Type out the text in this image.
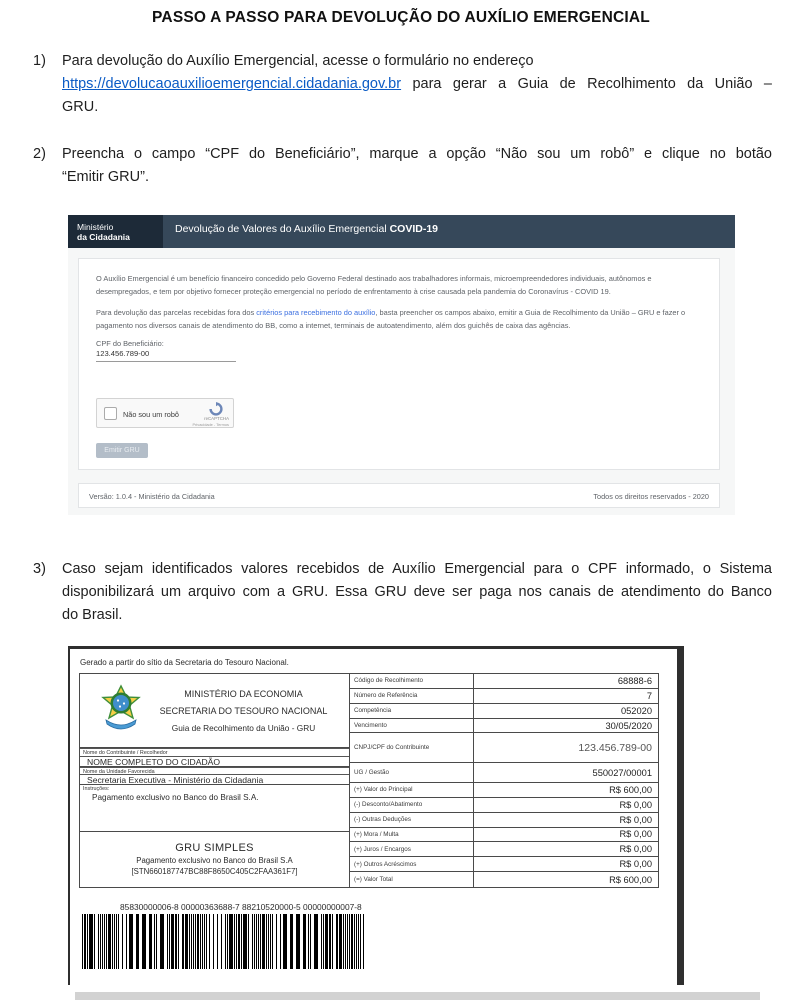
PASSO A PASSO PARA DEVOLUÇÃO DO AUXÍLIO EMERGENCIAL
1)	Para devolução do Auxílio Emergencial, acesse o formulário no endereço
https://devolucaoauxilioemergencial.cidadania.gov.br para gerar a Guia de Recolhimento da União –
GRU.
2)	Preencha o campo “CPF do Beneficiário”, marque a opção “Não sou um robô” e clique no botão
“Emitir GRU”.
Ministério
da Cidadania
Devolução de Valores do Auxílio Emergencial COVID-19
O Auxílio Emergencial é um benefício financeiro concedido pelo Governo Federal destinado aos trabalhadores informais, microempreendedores individuais, autônomos e desempregados, e tem por objetivo fornecer proteção emergencial no período de enfrentamento à crise causada pela pandemia do Coronavírus - COVID 19.
Para devolução das parcelas recebidas fora dos critérios para recebimento do auxílio, basta preencher os campos abaixo, emitir a Guia de Recolhimento da União – GRU e fazer o pagamento nos diversos canais de atendimento do BB, como a internet, terminais de autoatendimento, além dos guichês de caixa das agências.
CPF do Beneficiário:
123.456.789-00
Não sou um robô	reCAPTCHA
Privacidade - Termos
Emitir GRU
Versão: 1.0.4 - Ministério da Cidadania	Todos os direitos reservados - 2020
3)	Caso sejam identificados valores recebidos de Auxílio Emergencial para o CPF informado, o Sistema
disponibilizará um arquivo com a GRU. Essa GRU deve ser paga nos canais de atendimento do Banco
do Brasil.
Gerado a partir do sítio da Secretaria do Tesouro Nacional.
MINISTÉRIO DA ECONOMIA
SECRETARIA DO TESOURO NACIONAL
Guia de Recolhimento da União - GRU
Nome do Contribuinte / Recolhedor
NOME COMPLETO DO CIDADÃO
Nome da Unidade Favorecida
Secretaria Executiva - Ministério da Cidadania
Instruções:
Pagamento exclusivo no Banco do Brasil S.A.
GRU SIMPLES
Pagamento exclusivo no Banco do Brasil S.A
[STN660187747BC88F8650C405C2FAA361F7]
Código de Recolhimento	68888-6
Número de Referência	7
Competência	052020
Vencimento	30/05/2020
CNPJ/CPF do Contribuinte	123.456.789-00
UG / Gestão	550027/00001
(+) Valor do Principal	R$ 600,00
(-) Desconto/Abatimento	R$ 0,00
(-) Outras Deduções	R$ 0,00
(+) Mora / Multa	R$ 0,00
(+) Juros / Encargos	R$ 0,00
(+) Outros Acréscimos	R$ 0,00
(=) Valor Total	R$ 600,00
85830000006-8 00000363688-7 88210520000-5 00000000007-8
